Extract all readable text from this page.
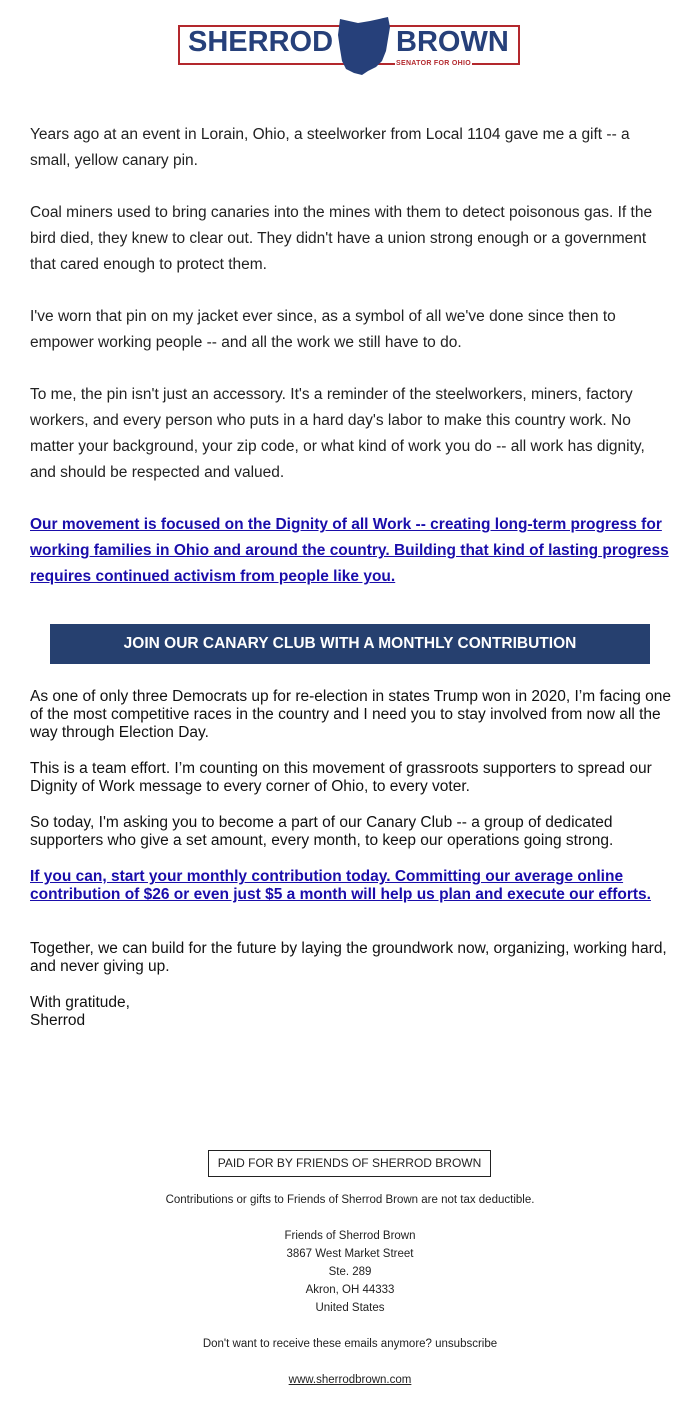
SHERROD BROWN
SENATOR FOR OHIO

Years ago at an event in Lorain, Ohio, a steelworker from Local 1104 gave me a gift -- a small, yellow canary pin.

Coal miners used to bring canaries into the mines with them to detect poisonous gas. If the bird died, they knew to clear out. They didn't have a union strong enough or a government that cared enough to protect them.

I've worn that pin on my jacket ever since, as a symbol of all we've done since then to empower working people -- and all the work we still have to do.

To me, the pin isn't just an accessory. It's a reminder of the steelworkers, miners, factory workers, and every person who puts in a hard day's labor to make this country work. No matter your background, your zip code, or what kind of work you do -- all work has dignity, and should be respected and valued.

Our movement is focused on the Dignity of all Work -- creating long-term progress for working families in Ohio and around the country. Building that kind of lasting progress requires continued activism from people like you.

JOIN OUR CANARY CLUB WITH A MONTHLY CONTRIBUTION

As one of only three Democrats up for re-election in states Trump won in 2020, I’m facing one of the most competitive races in the country and I need you to stay involved from now all the way through Election Day.

This is a team effort. I’m counting on this movement of grassroots supporters to spread our Dignity of Work message to every corner of Ohio, to every voter.

So today, I'm asking you to become a part of our Canary Club -- a group of dedicated supporters who give a set amount, every month, to keep our operations going strong.

If you can, start your monthly contribution today. Committing our average online contribution of $26 or even just $5 a month will help us plan and execute our efforts.

Together, we can build for the future by laying the groundwork now, organizing, working hard, and never giving up.

With gratitude,

Sherrod

PAID FOR BY FRIENDS OF SHERROD BROWN
Contributions or gifts to Friends of Sherrod Brown are not tax deductible.
Friends of Sherrod Brown
3867 West Market Street
Ste. 289
Akron, OH 44333
United States
Don't want to receive these emails anymore? unsubscribe
www.sherrodbrown.com
